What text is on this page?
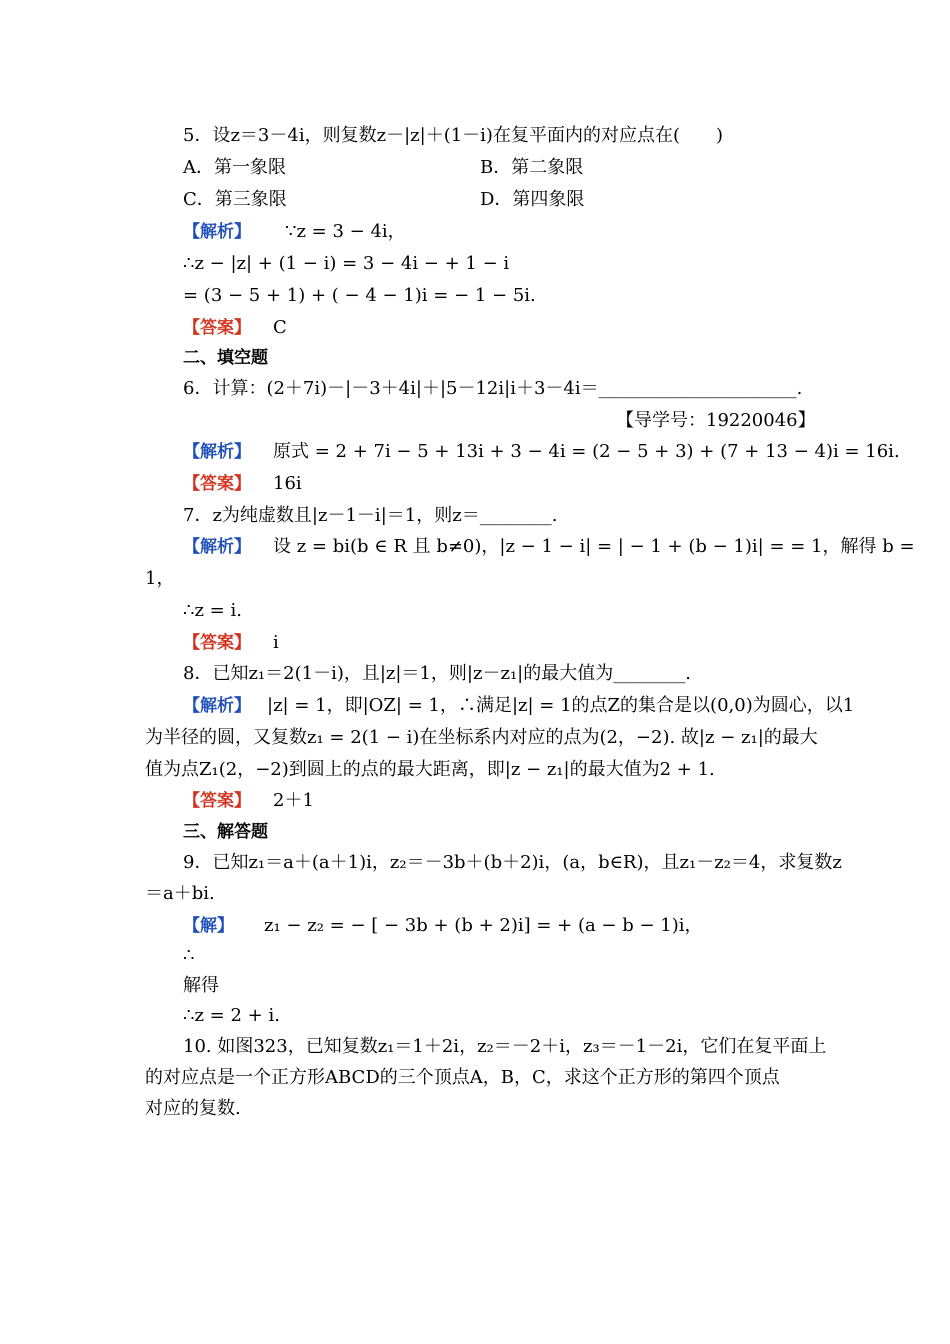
5．设z＝3－4i，则复数z－|z|＋(1－i)在复平面内的对应点在(　　)
A．第一象限	B．第二象限
C．第三象限	D．第四象限
【解析】 ∵z = 3 − 4i，
∴z − |z| + (1 − i) = 3 − 4i − + 1 − i
= (3 − 5 + 1) + ( − 4 − 1)i = − 1 − 5i.
【答案】 C
二、填空题
6．计算：(2＋7i)－|－3＋4i|＋|5－12i|i＋3－4i＝______________________.
【导学号：19220046】
【解析】 原式 = 2 + 7i − 5 + 13i + 3 − 4i = (2 − 5 + 3) + (7 + 13 − 4)i = 16i.
【答案】 16i
7．z为纯虚数且|z－1－i|＝1，则z＝________.
【解析】 设 z = bi(b ∈ R 且 b≠0)，|z − 1 − i| = | − 1 + (b − 1)i| = = 1，解得 b =
1，
∴z = i.
【答案】 i
8．已知z₁＝2(1－i)，且|z|＝1，则|z－z₁|的最大值为________.
【解析】 |z| = 1，即|OZ| = 1，∴满足|z| = 1的点Z的集合是以(0,0)为圆心，以1
为半径的圆，又复数z₁ = 2(1 − i)在坐标系内对应的点为(2，−2). 故|z − z₁|的最大
值为点Z₁(2，−2)到圆上的点的最大距离，即|z − z₁|的最大值为2 + 1.
【答案】 2＋1
三、解答题
9．已知z₁＝a＋(a＋1)i，z₂＝－3b＋(b＋2)i，(a，b∈R)，且z₁－z₂＝4，求复数z
＝a＋bi.
【解】 z₁ − z₂ = − [ − 3b + (b + 2)i] = + (a − b − 1)i，
∴
解得
∴z = 2 + i.
10. 如图323，已知复数z₁＝1＋2i，z₂＝－2＋i，z₃＝－1－2i，它们在复平面上
的对应点是一个正方形ABCD的三个顶点A，B，C，求这个正方形的第四个顶点
对应的复数.
